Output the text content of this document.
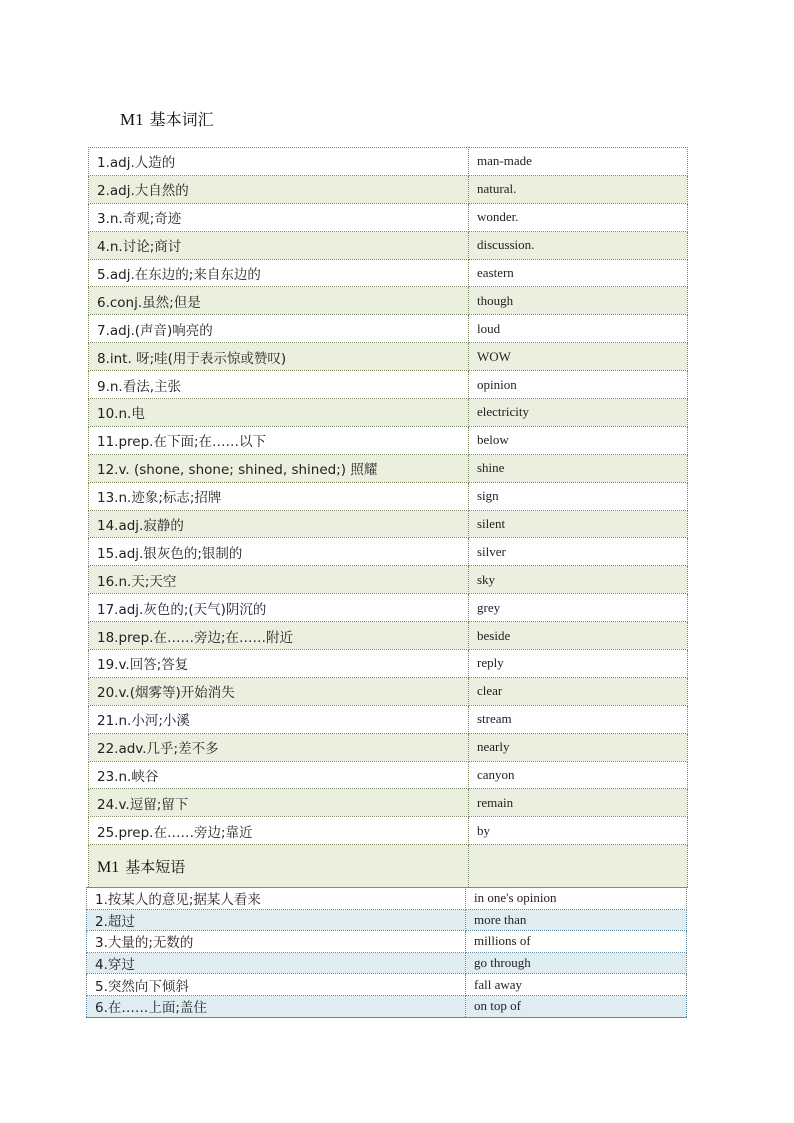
M1 基本词汇
1.adj.人造的	man-made
2.adj.大自然的	natural.
3.n.奇观;奇迹	wonder.
4.n.讨论;商讨	discussion.
5.adj.在东边的;来自东边的	eastern
6.conj.虽然;但是	though
7.adj.(声音)响亮的	loud
8.int. 呀;哇(用于表示惊或赞叹)	WOW
9.n.看法,主张	opinion
10.n.电	electricity
11.prep.在下面;在……以下	below
12.v. (shone, shone; shined, shined;) 照耀	shine
13.n.迹象;标志;招牌	sign
14.adj.寂静的	silent
15.adj.银灰色的;银制的	silver
16.n.天;天空	sky
17.adj.灰色的;(天气)阴沉的	grey
18.prep.在……旁边;在……附近	beside
19.v.回答;答复	reply
20.v.(烟雾等)开始消失	clear
21.n.小河;小溪	stream
22.adv.几乎;差不多	nearly
23.n.峡谷	canyon
24.v.逗留;留下	remain
25.prep.在……旁边;靠近	by
M1 基本短语	
1.按某人的意见;据某人看来	in one's opinion
2.超过	more than
3.大量的;无数的	millions of
4.穿过	go through
5.突然向下倾斜	fall away
6.在……上面;盖住	on top of
